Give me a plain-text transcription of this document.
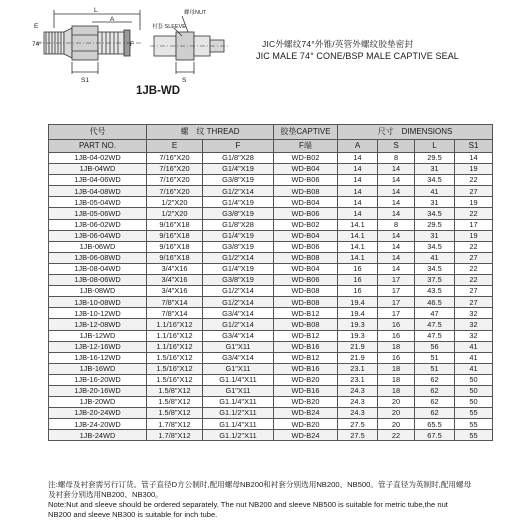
L
A
E
74°	F
螺母NUT
衬套 SLEEVE
S1	S
JIC外螺纹74°外锥/英管外螺纹胶垫密封
JIC MALE 74° CONE/BSP MALE CAPTIVE SEAL
1JB-WD
代号	螺　纹 THREAD		胶垫CAPTIVE	尺寸　DIMENSIONS			
PART NO.	E	F	F端	A	S	L	S1
1JB-04-02WD	7/16"X20	G1/8"X28	WD-B02	14	8	29.5	14
1JB-04WD	7/16"X20	G1/4"X19	WD-B04	14	14	31	19
1JB-04-06WD	7/16"X20	G3/8"X19	WD-B06	14	14	34.5	22
1JB-04-08WD	7/16"X20	G1/2"X14	WD-B08	14	14	41	27
1JB-05-04WD	1/2"X20	G1/4"X19	WD-B04	14	14	31	19
1JB-05-06WD	1/2"X20	G3/8"X19	WD-B06	14	14	34.5	22
1JB-06-02WD	9/16"X18	G1/8"X28	WD-B02	14.1	8	29.5	17
1JB-06-04WD	9/16"X18	G1/4"X19	WD-B04	14.1	14	31	19
1JB-06WD	9/16"X18	G3/8"X19	WD-B06	14.1	14	34.5	22
1JB-06-08WD	9/16"X18	G1/2"X14	WD-B08	14.1	14	41	27
1JB-08-04WD	3/4"X16	G1/4"X19	WD-B04	16	14	34.5	22
1JB-08-06WD	3/4"X16	G3/8"X19	WD-B06	16	17	37.5	22
1JB-08WD	3/4"X16	G1/2"X14	WD-B08	16	17	43.5	27
1JB-10-08WD	7/8"X14	G1/2"X14	WD-B08	19.4	17	46.5	27
1JB-10-12WD	7/8"X14	G3/4"X14	WD-B12	19.4	17	47	32
1JB-12-08WD	1.1/16"X12	G1/2"X14	WD-B08	19.3	16	47.5	32
1JB-12WD	1.1/16"X12	G3/4"X14	WD-B12	19.3	16	47.5	32
1JB-12-16WD	1.1/16"X12	G1"X11	WD-B16	21.9	18	56	41
1JB-16-12WD	1.5/16"X12	G3/4"X14	WD-B12	21.9	16	51	41
1JB-16WD	1.5/16"X12	G1"X11	WD-B16	23.1	18	51	41
1JB-16-20WD	1.5/16"X12	G1.1/4"X11	WD-B20	23.1	18	62	50
1JB-20-16WD	1.5/8"X12	G1"X11	WD-B16	24.3	18	62	50
1JB-20WD	1.5/8"X12	G1.1/4"X11	WD-B20	24.3	20	62	50
1JB-20-24WD	1.5/8"X12	G1.1/2"X11	WD-B24	24.3	20	62	55
1JB-24-20WD	1.7/8"X12	G1.1/4"X11	WD-B20	27.5	20	65.5	55
1JB-24WD	1.7/8"X12	G1.1/2"X11	WD-B24	27.5	22	67.5	55
注:螺母及衬套需另行订货。管子直径D方公制时,配用螺母NB200和衬套分别选用NB200、NB500。管子直径为英制时,配用螺母
及衬套分别选用NB200、NB300。
Note:Nut and sleeve should be ordered separately. The nut NB200 and sleeve NB500 is suitable for metric tube,the nut
NB200 and sleeve NB300 is suitable for inch tube.
